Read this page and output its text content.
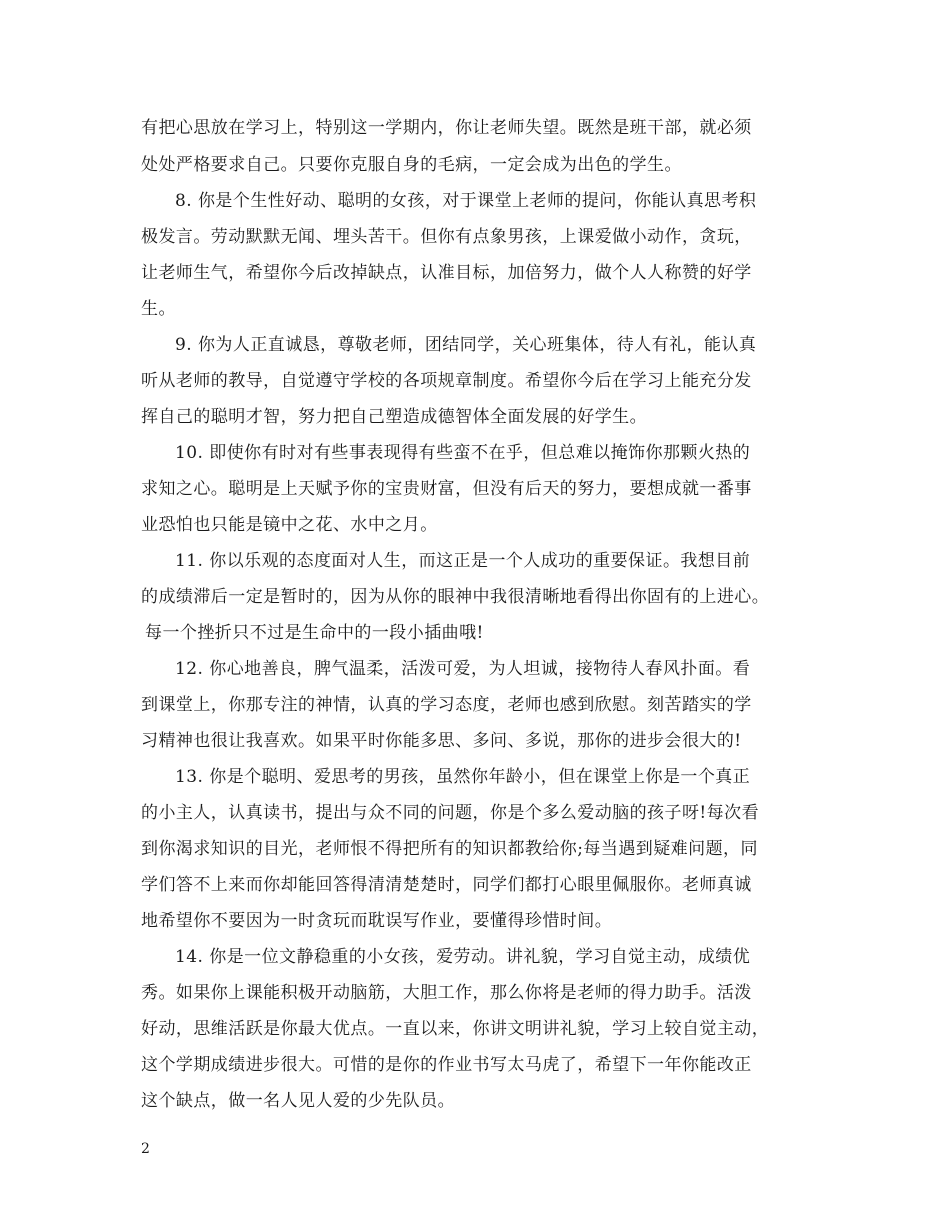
有把心思放在学习上，特别这一学期内，你让老师失望。既然是班干部，就必须
处处严格要求自己。只要你克服自身的毛病，一定会成为出色的学生。
8. 你是个生性好动、聪明的女孩，对于课堂上老师的提问，你能认真思考积
极发言。劳动默默无闻、埋头苦干。但你有点象男孩，上课爱做小动作，贪玩，
让老师生气，希望你今后改掉缺点，认准目标，加倍努力，做个人人称赞的好学
生。
9. 你为人正直诚恳，尊敬老师，团结同学，关心班集体，待人有礼，能认真
听从老师的教导，自觉遵守学校的各项规章制度。希望你今后在学习上能充分发
挥自己的聪明才智，努力把自己塑造成德智体全面发展的好学生。
10. 即使你有时对有些事表现得有些蛮不在乎，但总难以掩饰你那颗火热的
求知之心。聪明是上天赋予你的宝贵财富，但没有后天的努力，要想成就一番事
业恐怕也只能是镜中之花、水中之月。
11. 你以乐观的态度面对人生，而这正是一个人成功的重要保证。我想目前
的成绩滞后一定是暂时的，因为从你的眼神中我很清晰地看得出你固有的上进心。
每一个挫折只不过是生命中的一段小插曲哦!
12. 你心地善良，脾气温柔，活泼可爱，为人坦诚，接物待人春风扑面。看
到课堂上，你那专注的神情，认真的学习态度，老师也感到欣慰。刻苦踏实的学
习精神也很让我喜欢。如果平时你能多思、多问、多说，那你的进步会很大的!
13. 你是个聪明、爱思考的男孩，虽然你年龄小，但在课堂上你是一个真正
的小主人，认真读书，提出与众不同的问题，你是个多么爱动脑的孩子呀!每次看
到你渴求知识的目光，老师恨不得把所有的知识都教给你;每当遇到疑难问题，同
学们答不上来而你却能回答得清清楚楚时，同学们都打心眼里佩服你。老师真诚
地希望你不要因为一时贪玩而耽误写作业，要懂得珍惜时间。
14. 你是一位文静稳重的小女孩，爱劳动。讲礼貌，学习自觉主动，成绩优
秀。如果你上课能积极开动脑筋，大胆工作，那么你将是老师的得力助手。活泼
好动，思维活跃是你最大优点。一直以来，你讲文明讲礼貌，学习上较自觉主动，
这个学期成绩进步很大。可惜的是你的作业书写太马虎了，希望下一年你能改正
这个缺点，做一名人见人爱的少先队员。
2
